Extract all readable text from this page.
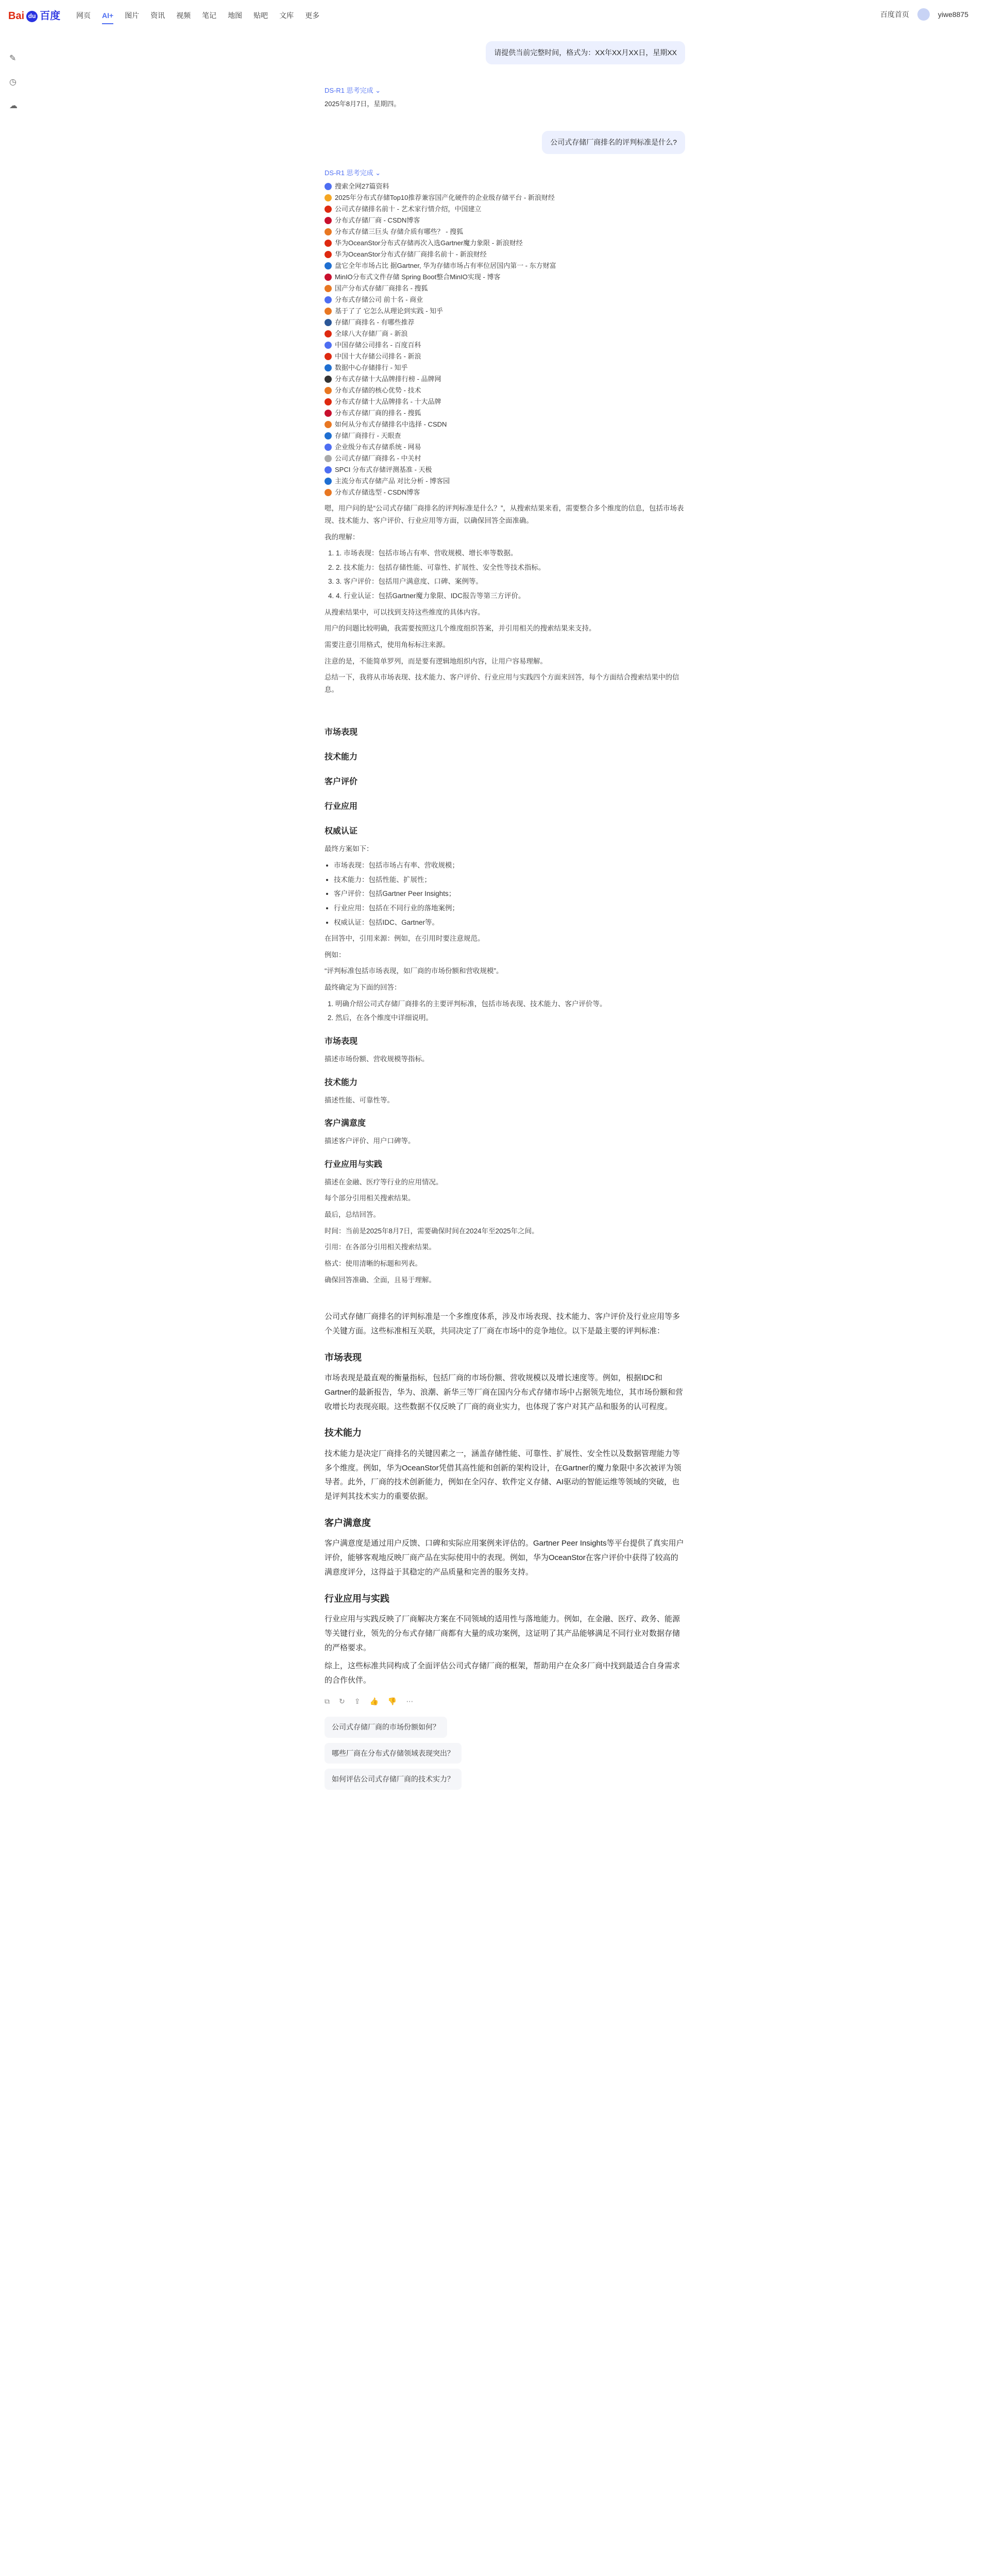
Bai du 百度 网页 AI+ 图片 资讯 视频 笔记 地图 贴吧 文库 更多	百度首页	yiwe8875
✎
◷
☁
请提供当前完整时间，格式为：XX年XX月XX日，星期XX
DS-R1 思考完成 ⌄
2025年8月7日，星期四。
公司式存储厂商排名的评判标准是什么?
DS-R1 思考完成 ⌄
搜索全网27篇资料
2025年分布式存储Top10推荐兼容国产化硬件的企业级存储平台 - 新浪财经
公司式存储排名前十 - 艺术家行情介绍，中国建立
分布式存储厂商 - CSDN博客
分布式存储三巨头 存储介质有哪些？ - 搜狐
华为OceanStor分布式存储再次入选Gartner魔力象限 - 新浪财经
华为OceanStor分布式存储厂商排名前十 - 新浪财经
盘它全年市场占比 据Gartner, 华为存储市场占有率位居国内第一 - 东方财富
MinIO分布式文件存储 Spring Boot整合MinIO实现 - 博客
国产分布式存储厂商排名 - 搜狐
分布式存储公司 前十名 - 商业
基于了了 它怎么从理论到实践 - 知乎
存储厂商排名 - 有哪些推荐
全球八大存储厂商 - 新浪
中国存储公司排名 - 百度百科
中国十大存储公司排名 - 新浪
数据中心存储排行 - 知乎
分布式存储十大品牌排行榜 - 品牌网
分布式存储的核心优势 - 技术
分布式存储十大品牌排名 - 十大品牌
分布式存储厂商的排名 - 搜狐
如何从分布式存储排名中选择 - CSDN
存储厂商排行 - 天眼查
企业级分布式存储系统 - 网易
公司式存储厂商排名 - 中关村
SPCI 分布式存储评测基准 - 天极
主流分布式存储产品 对比分析 - 博客园
分布式存储选型 - CSDN博客

嗯，用户问的是“公司式存储厂商排名的评判标准是什么？”，从搜索结果来看，需要整合多个维度的信息，包括市场表现、技术能力、客户评价、行业应用等方面，以确保回答全面准确。

我的理解：

1. 1. 市场表现：包括市场占有率、营收规模、增长率等数据。
2. 2. 技术能力：包括存储性能、可靠性、扩展性、安全性等技术指标。
3. 3. 客户评价：包括用户满意度、口碑、案例等。
4. 4. 行业认证：包括Gartner魔力象限、IDC报告等第三方评价。

从搜索结果中，可以找到支持这些维度的具体内容。

用户的问题比较明确，我需要按照这几个维度组织答案，并引用相关的搜索结果来支持。

需要注意引用格式，使用角标标注来源。

注意的是，不能简单罗列，而是要有逻辑地组织内容，让用户容易理解。

总结一下，我将从市场表现、技术能力、客户评价、行业应用与实践四个方面来回答，每个方面结合搜索结果中的信息。

市场表现
技术能力
客户评价
行业应用
权威认证

最终方案如下：

• 市场表现：包括市场占有率、营收规模；
• 技术能力：包括性能、扩展性；
• 客户评价：包括Gartner Peer Insights；
• 行业应用：包括在不同行业的落地案例；
• 权威认证：包括IDC、Gartner等。

在回答中，引用来源：例如，在引用时要注意规范。

例如：

“评判标准包括市场表现，如厂商的市场份额和营收规模”。

最终确定为下面的回答：

1. 明确介绍公司式存储厂商排名的主要评判标准，包括市场表现、技术能力、客户评价等。
2. 然后，在各个维度中详细说明。
市场表现

描述市场份额、营收规模等指标。

技术能力

描述性能、可靠性等。

客户满意度

描述客户评价、用户口碑等。

行业应用与实践

描述在金融、医疗等行业的应用情况。

每个部分引用相关搜索结果。

最后，总结回答。

时间：当前是2025年8月7日，需要确保时间在2024年至2025年之间。

引用：在各部分引用相关搜索结果。

格式：使用清晰的标题和列表。

确保回答准确、全面，且易于理解。

公司式存储厂商排名的评判标准是一个多维度体系，涉及市场表现、技术能力、客户评价及行业应用等多个关键方面。这些标准相互关联，共同决定了厂商在市场中的竞争地位。以下是最主要的评判标准：

市场表现

市场表现是最直观的衡量指标，包括厂商的市场份额、营收规模以及增长速度等。例如，根据IDC和Gartner的最新报告，华为、浪潮、新华三等厂商在国内分布式存储市场中占据领先地位，其市场份额和营收增长均表现亮眼。这些数据不仅反映了厂商的商业实力，也体现了客户对其产品和服务的认可程度。

技术能力

技术能力是决定厂商排名的关键因素之一，涵盖存储性能、可靠性、扩展性、安全性以及数据管理能力等多个维度。例如，华为OceanStor凭借其高性能和创新的架构设计，在Gartner的魔力象限中多次被评为领导者。此外，厂商的技术创新能力，例如在全闪存、软件定义存储、AI驱动的智能运维等领域的突破，也是评判其技术实力的重要依据。

客户满意度

客户满意度是通过用户反馈、口碑和实际应用案例来评估的。Gartner Peer Insights等平台提供了真实用户评价，能够客观地反映厂商产品在实际使用中的表现。例如，华为OceanStor在客户评价中获得了较高的满意度评分，这得益于其稳定的产品质量和完善的服务支持。

行业应用与实践

行业应用与实践反映了厂商解决方案在不同领域的适用性与落地能力。例如，在金融、医疗、政务、能源等关键行业，领先的分布式存储厂商都有大量的成功案例，这证明了其产品能够满足不同行业对数据存储的严格要求。

综上，这些标准共同构成了全面评估公司式存储厂商的框架，帮助用户在众多厂商中找到最适合自身需求的合作伙伴。

⧉ ↻ ⇪ 👍 👎 ⋯
公司式存储厂商的市场份额如何？
哪些厂商在分布式存储领域表现突出？
如何评估公司式存储厂商的技术实力？
